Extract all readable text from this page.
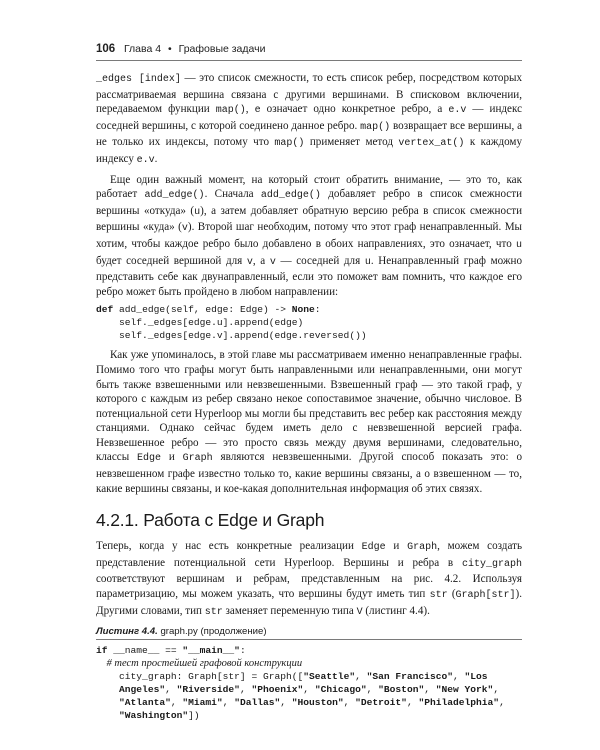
106 Глава 4 • Графовые задачи

_edges [index] — это список смежности, то есть список ребер, посредством которых рассматриваемая вершина связана с другими вершинами. В списковом включении, передаваемом функции map(), e означает одно конкретное ребро, а e.v — индекс соседней вершины, с которой соединено данное ребро. map() возвращает все вершины, а не только их индексы, потому что map() применяет метод vertex_at() к каждому индексу e.v.

Еще один важный момент, на который стоит обратить внимание, — это то, как работает add_edge(). Сначала add_edge() добавляет ребро в список смежности вершины «откуда» (u), а затем добавляет обратную версию ребра в список смежности вершины «куда» (v). Второй шаг необходим, потому что этот граф ненаправленный. Мы хотим, чтобы каждое ребро было добавлено в обоих направлениях, это означает, что u будет соседней вершиной для v, а v — соседней для u. Ненаправленный граф можно представить себе как двунаправленный, если это поможет вам помнить, что каждое его ребро может быть пройдено в любом направлении:

def add_edge(self, edge: Edge) -> None:
self._edges[edge.u].append(edge)
self._edges[edge.v].append(edge.reversed())

Как уже упоминалось, в этой главе мы рассматриваем именно ненаправленные графы. Помимо того что графы могут быть направленными или ненаправленными, они могут быть также взвешенными или невзвешенными. Взвешенный граф — это такой граф, у которого с каждым из ребер связано некое сопоставимое значение, обычно числовое. В потенциальной сети Hyperloop мы могли бы представить вес ребер как расстояния между станциями. Однако сейчас будем иметь дело с невзвешенной версией графа. Невзвешенное ребро — это просто связь между двумя вершинами, следовательно, классы Edge и Graph являются невзвешенными. Другой способ показать это: о невзвешенном графе известно только то, какие вершины связаны, а о взвешенном — то, какие вершины связаны, и кое-какая дополнительная информация об этих связях.

4.2.1. Работа с Edge и Graph

Теперь, когда у нас есть конкретные реализации Edge и Graph, можем создать представление потенциальной сети Hyperloop. Вершины и ребра в city_graph соответствуют вершинам и ребрам, представленным на рис. 4.2. Используя параметризацию, мы можем указать, что вершины будут иметь тип str (Graph[str]). Другими словами, тип str заменяет переменную типа V (листинг 4.4).

Листинг 4.4. graph.py (продолжение)
if __name__ == "__main__":
# тест простейшей графовой конструкции
city_graph: Graph[str] = Graph(["Seattle", "San Francisco", "Los
Angeles", "Riverside", "Phoenix", "Chicago", "Boston", "New York",
"Atlanta", "Miami", "Dallas", "Houston", "Detroit", "Philadelphia",
"Washington"])
